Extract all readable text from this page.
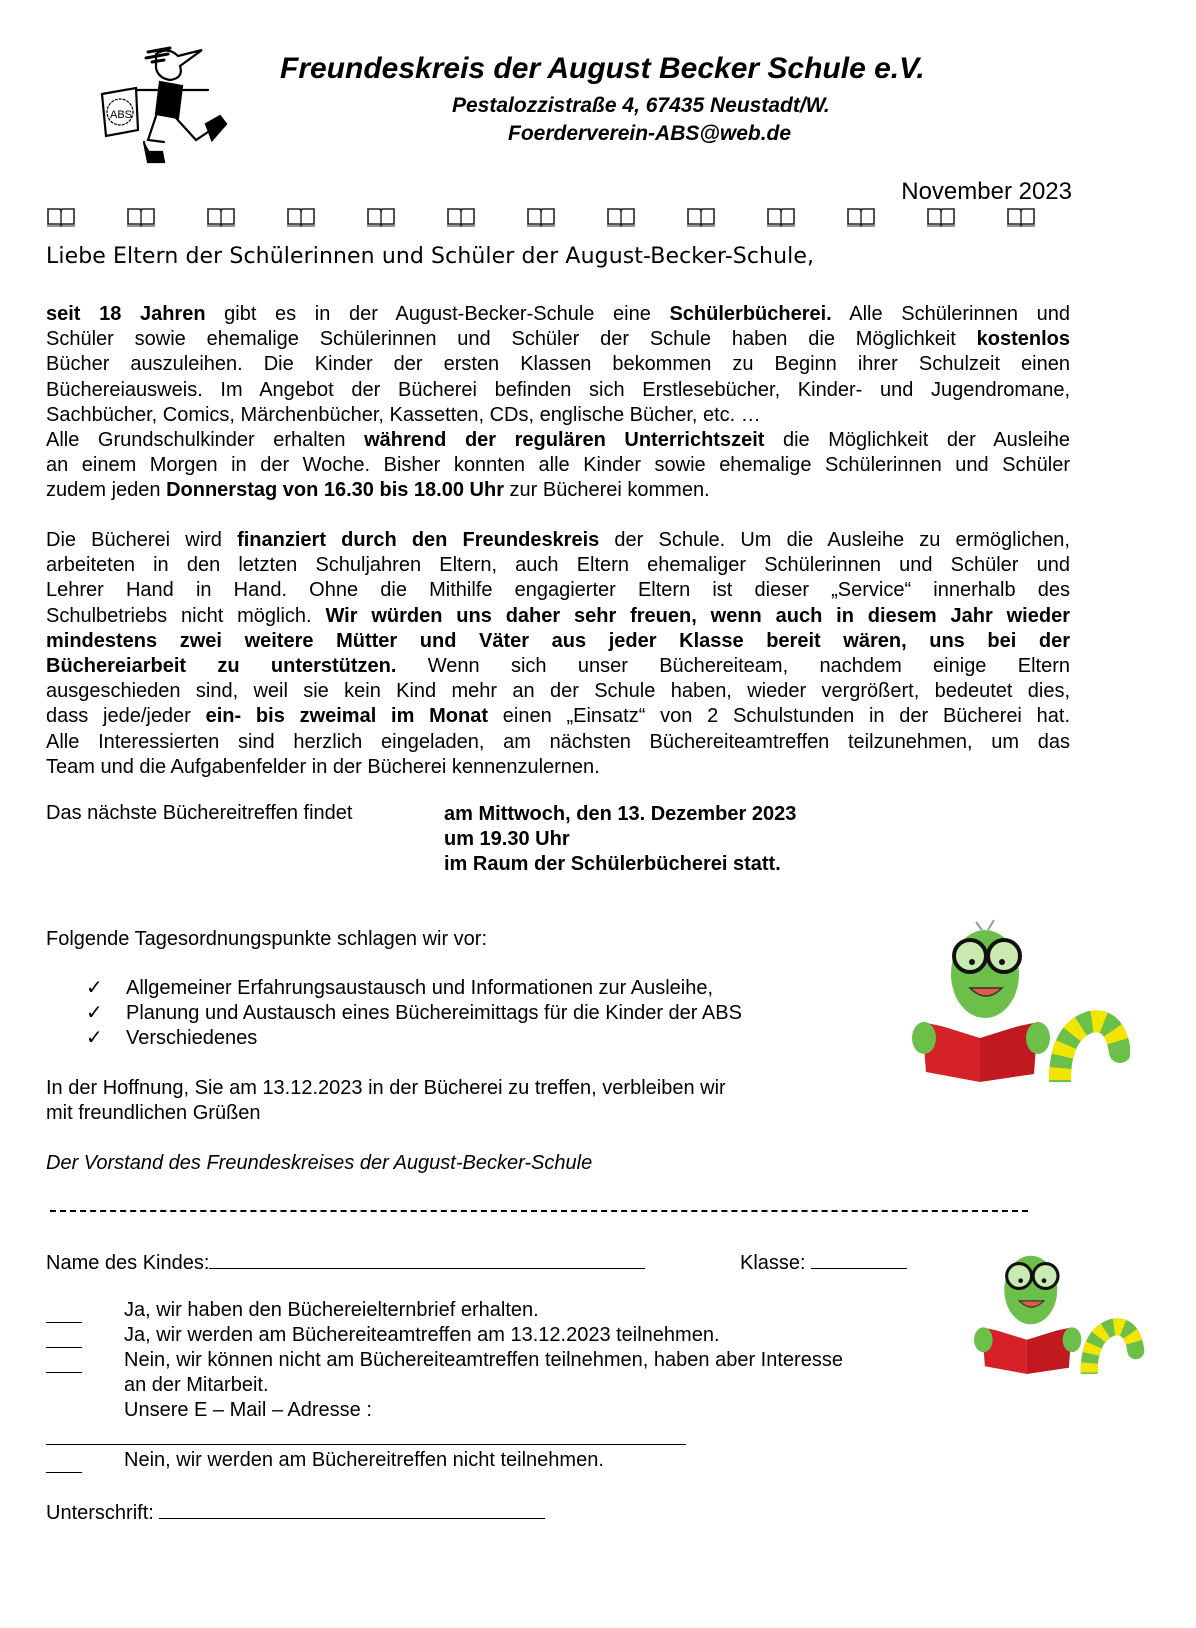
ABS
Freundeskreis der August Becker Schule e.V.
Pestalozzistraße 4, 67435 Neustadt/W.
Foerderverein-ABS@web.de
November 2023
Liebe Eltern der Schülerinnen und Schüler der August-Becker-Schule,
seit 18 Jahren gibt es in der August-Becker-Schule eine Schülerbücherei. Alle Schülerinnen und
Schüler sowie ehemalige Schülerinnen und Schüler der Schule haben die Möglichkeit kostenlos
Bücher auszuleihen. Die Kinder der ersten Klassen bekommen zu Beginn ihrer Schulzeit einen
Büchereiausweis. Im Angebot der Bücherei befinden sich Erstlesebücher, Kinder- und Jugendromane,
Sachbücher, Comics, Märchenbücher, Kassetten, CDs, englische Bücher, etc. …
Alle Grundschulkinder erhalten während der regulären Unterrichtszeit die Möglichkeit der Ausleihe
an einem Morgen in der Woche. Bisher konnten alle Kinder sowie ehemalige Schülerinnen und Schüler
zudem jeden Donnerstag von 16.30 bis 18.00 Uhr zur Bücherei kommen.
Die Bücherei wird finanziert durch den Freundeskreis der Schule. Um die Ausleihe zu ermöglichen,
arbeiteten in den letzten Schuljahren Eltern, auch Eltern ehemaliger Schülerinnen und Schüler und
Lehrer Hand in Hand. Ohne die Mithilfe engagierter Eltern ist dieser „Service“ innerhalb des
Schulbetriebs nicht möglich. Wir würden uns daher sehr freuen, wenn auch in diesem Jahr wieder
mindestens zwei weitere Mütter und Väter aus jeder Klasse bereit wären, uns bei der
Büchereiarbeit zu unterstützen. Wenn sich unser Büchereiteam, nachdem einige Eltern
ausgeschieden sind, weil sie kein Kind mehr an der Schule haben, wieder vergrößert, bedeutet dies,
dass jede/jeder ein- bis zweimal im Monat einen „Einsatz“ von 2 Schulstunden in der Bücherei hat.
Alle Interessierten sind herzlich eingeladen, am nächsten Büchereiteamtreffen teilzunehmen, um das
Team und die Aufgabenfelder in der Bücherei kennenzulernen.
Das nächste Büchereitreffen findet	am Mittwoch, den 13. Dezember 2023
um 19.30 Uhr
im Raum der Schülerbücherei statt.
Folgende Tagesordnungspunkte schlagen wir vor:
✓	Allgemeiner Erfahrungsaustausch und Informationen zur Ausleihe,
✓	Planung und Austausch eines Büchereimittags für die Kinder der ABS
✓	Verschiedenes
In der Hoffnung, Sie am 13.12.2023 in der Bücherei zu treffen, verbleiben wir
mit freundlichen Grüßen
Der Vorstand des Freundeskreises der August-Becker-Schule
Name des Kindes:	Klasse:
Ja, wir haben den Büchereielternbrief erhalten.
Ja, wir werden am Büchereiteamtreffen am 13.12.2023 teilnehmen.
Nein, wir können nicht am Büchereiteamtreffen teilnehmen, haben aber Interesse
an der Mitarbeit.
Unsere E – Mail – Adresse :
Nein, wir werden am Büchereitreffen nicht teilnehmen.
Unterschrift:
